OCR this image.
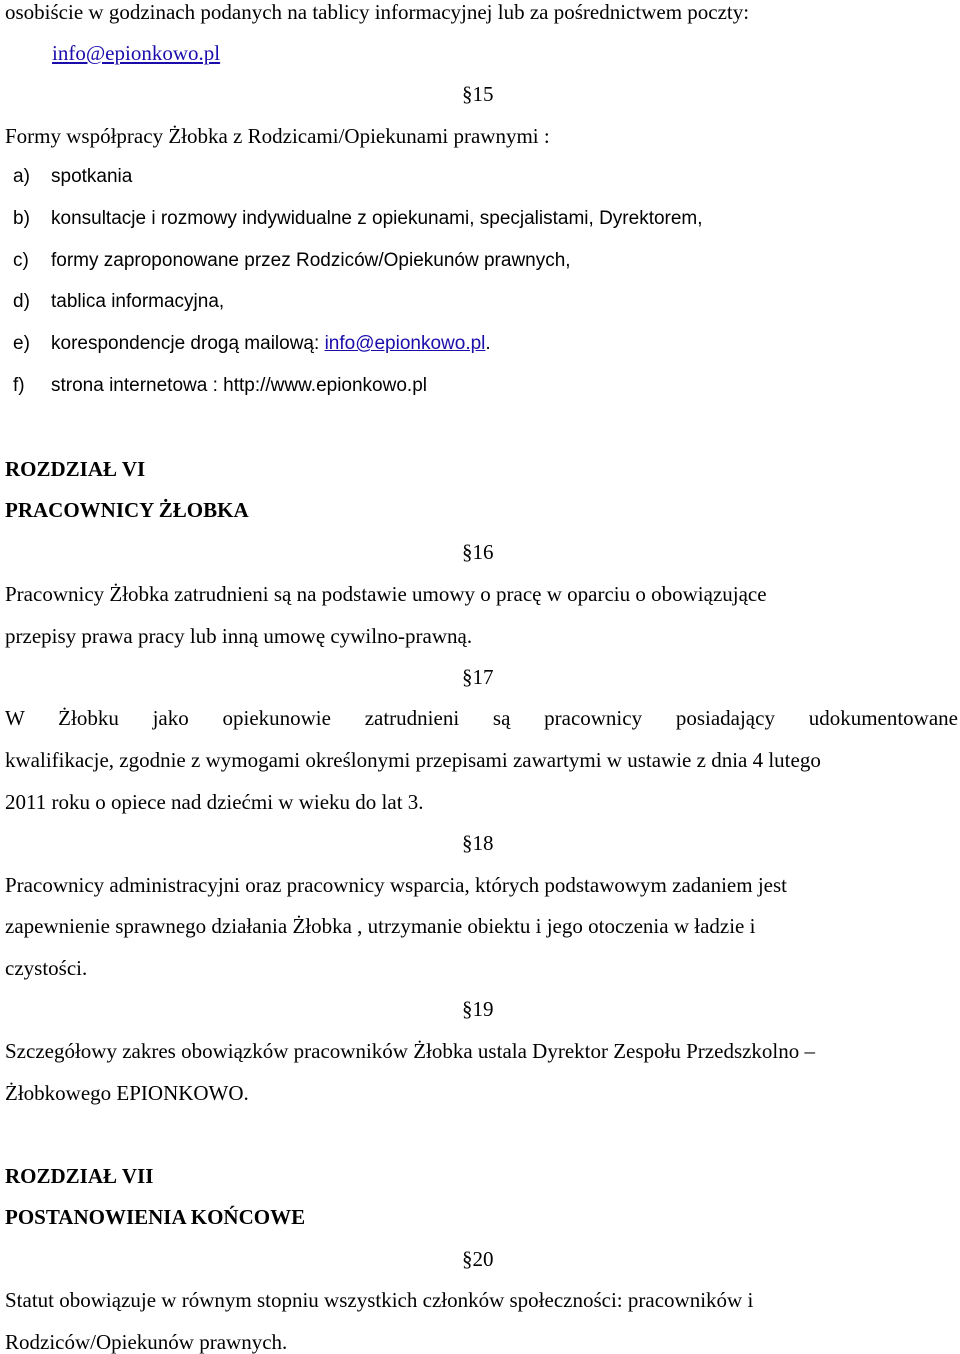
osobiście w godzinach podanych na tablicy informacyjnej lub za pośrednictwem poczty:
info@epionkowo.pl
§15
Formy współpracy Żłobka z Rodzicami/Opiekunami prawnymi :
a) spotkania
b) konsultacje i rozmowy indywidualne z opiekunami, specjalistami, Dyrektorem,
c) formy zaproponowane przez Rodziców/Opiekunów prawnych,
d) tablica informacyjna,
e) korespondencje drogą mailową: info@epionkowo.pl.
f) strona internetowa : http://www.epionkowo.pl
ROZDZIAŁ VI
PRACOWNICY ŻŁOBKA
§16
Pracownicy Żłobka zatrudnieni są na podstawie umowy o pracę w oparciu o obowiązujące
przepisy prawa pracy lub inną umowę cywilno-prawną.
§17
W Żłobku jako opiekunowie zatrudnieni są pracownicy posiadający udokumentowane
kwalifikacje, zgodnie z wymogami określonymi przepisami zawartymi w ustawie z dnia 4 lutego
2011 roku o opiece nad dziećmi w wieku do lat 3.
§18
Pracownicy administracyjni oraz pracownicy wsparcia, których podstawowym zadaniem jest
zapewnienie sprawnego działania Żłobka , utrzymanie obiektu i jego otoczenia w ładzie i
czystości.
§19
Szczegółowy zakres obowiązków pracowników Żłobka ustala Dyrektor Zespołu Przedszkolno –
Żłobkowego EPIONKOWO.
ROZDZIAŁ VII
POSTANOWIENIA KOŃCOWE
§20
Statut obowiązuje w równym stopniu wszystkich członków społeczności: pracowników i
Rodziców/Opiekunów prawnych.
